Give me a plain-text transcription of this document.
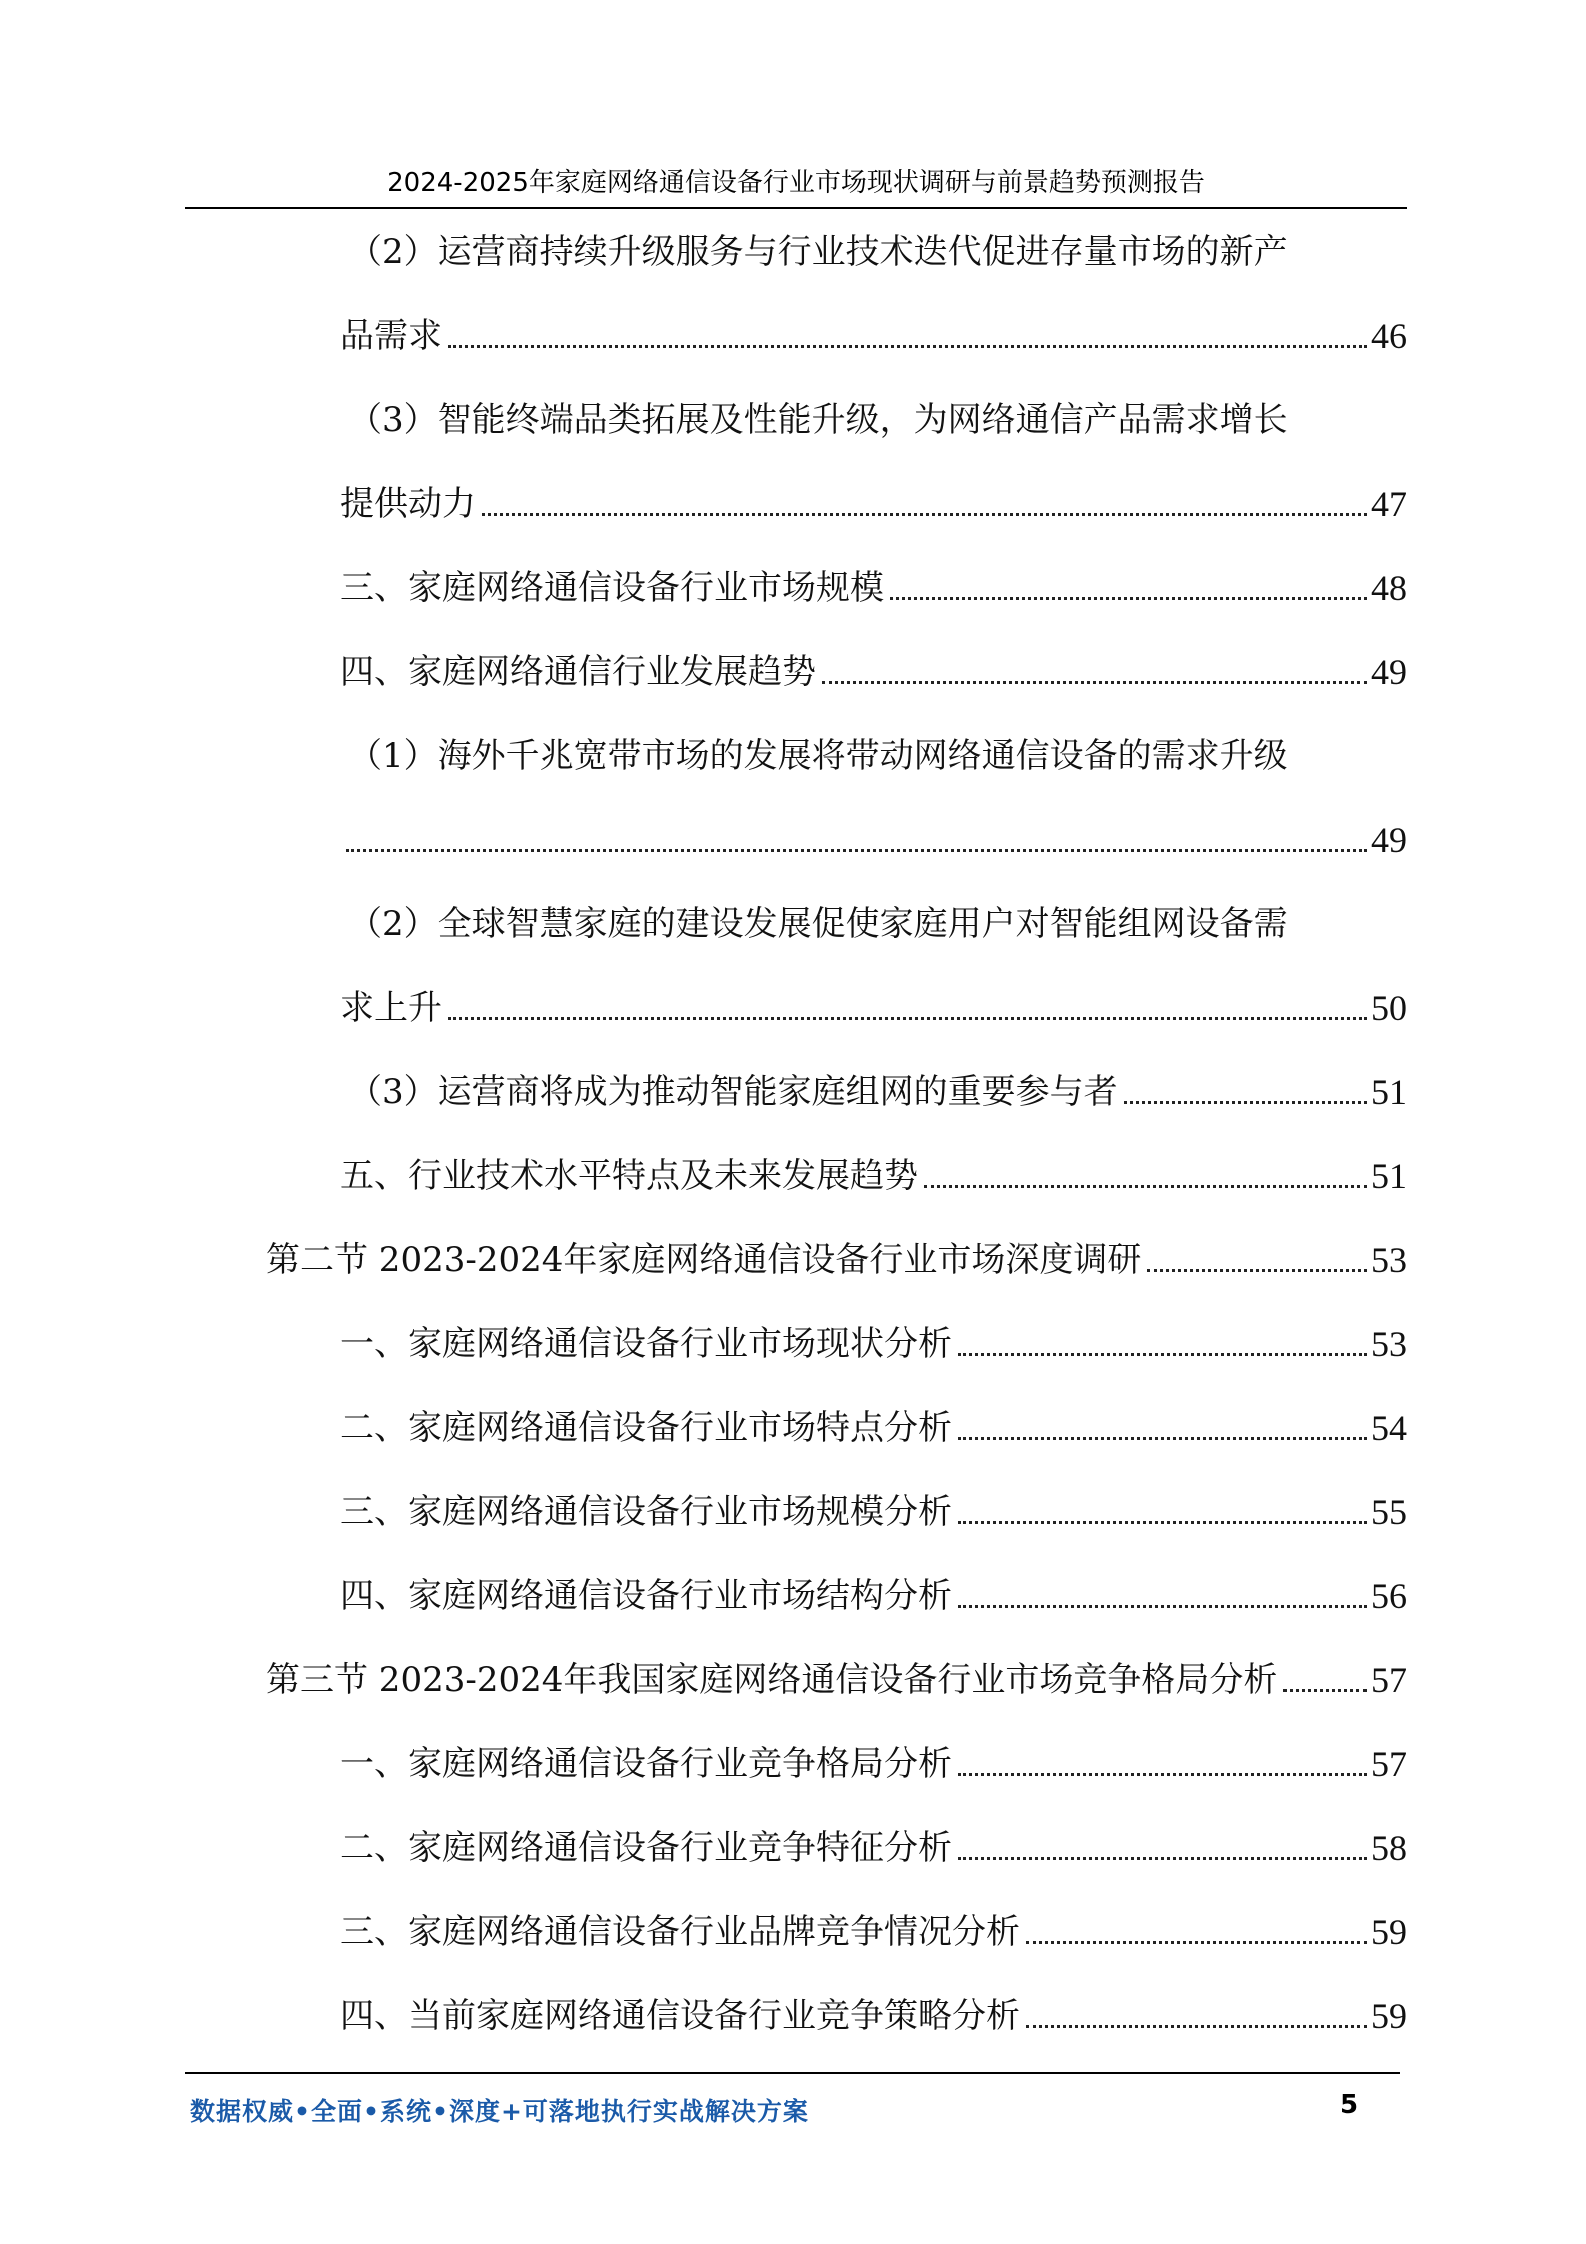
2024-2025年家庭网络通信设备行业市场现状调研与前景趋势预测报告
（2）运营商持续升级服务与行业技术迭代促进存量市场的新产
品需求	46
（3）智能终端品类拓展及性能升级，为网络通信产品需求增长
提供动力	47
三、家庭网络通信设备行业市场规模	48
四、家庭网络通信行业发展趋势	49
（1）海外千兆宽带市场的发展将带动网络通信设备的需求升级
49
（2）全球智慧家庭的建设发展促使家庭用户对智能组网设备需
求上升	50
（3）运营商将成为推动智能家庭组网的重要参与者	51
五、行业技术水平特点及未来发展趋势	51
第二节 2023-2024年家庭网络通信设备行业市场深度调研	53
一、家庭网络通信设备行业市场现状分析	53
二、家庭网络通信设备行业市场特点分析	54
三、家庭网络通信设备行业市场规模分析	55
四、家庭网络通信设备行业市场结构分析	56
第三节 2023-2024年我国家庭网络通信设备行业市场竞争格局分析	57
一、家庭网络通信设备行业竞争格局分析	57
二、家庭网络通信设备行业竞争特征分析	58
三、家庭网络通信设备行业品牌竞争情况分析	59
四、当前家庭网络通信设备行业竞争策略分析	59
数据权威•全面•系统•深度+可落地执行实战解决方案	5
